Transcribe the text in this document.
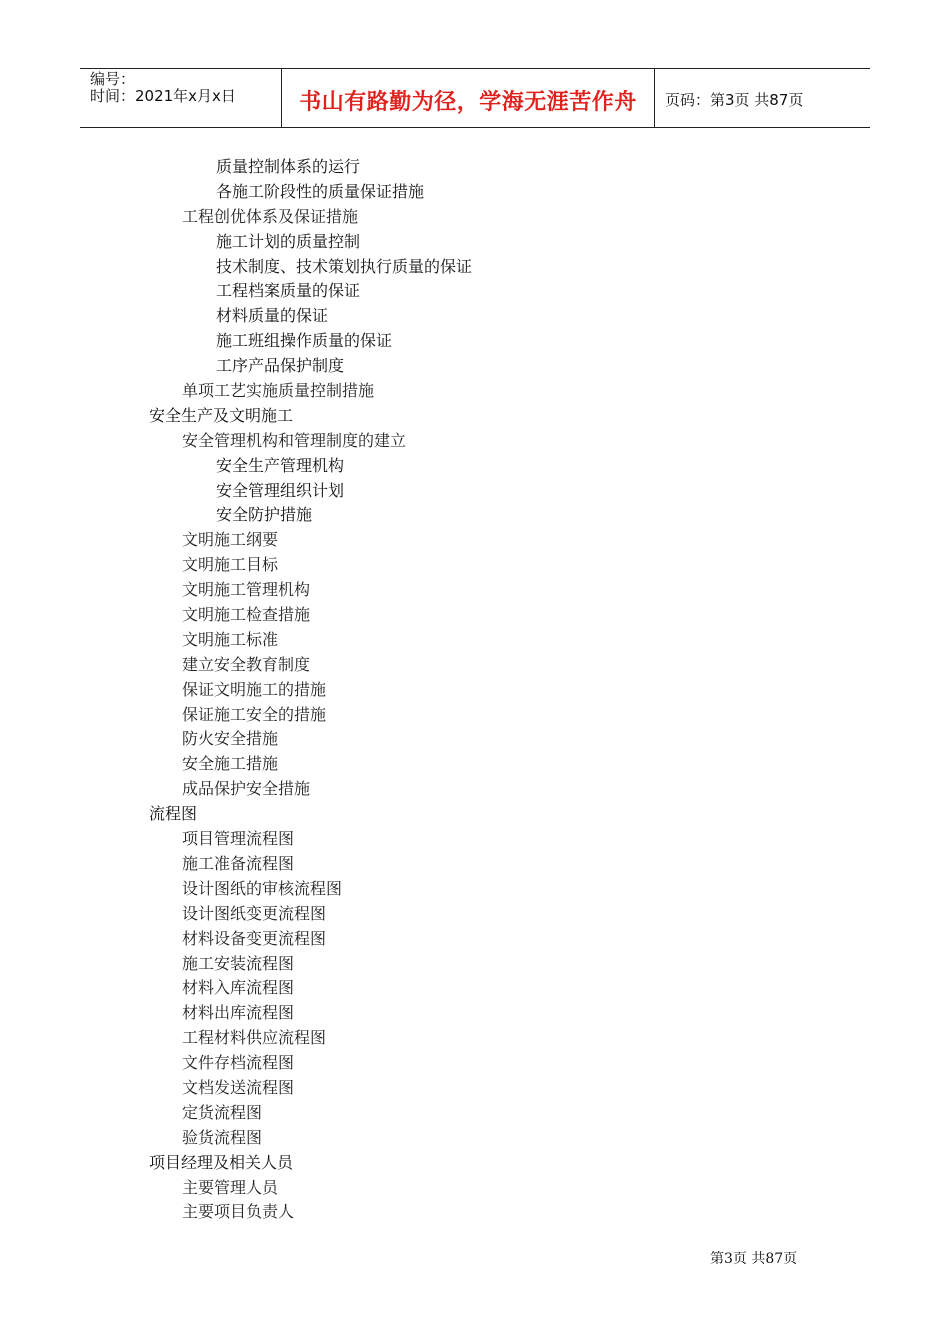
编号：
时间：2021年x月x日	书山有路勤为径，学海无涯苦作舟	页码：第3页 共87页
质量控制体系的运行
各施工阶段性的质量保证措施
工程创优体系及保证措施
施工计划的质量控制
技术制度、技术策划执行质量的保证
工程档案质量的保证
材料质量的保证
施工班组操作质量的保证
工序产品保护制度
单项工艺实施质量控制措施
安全生产及文明施工
安全管理机构和管理制度的建立
安全生产管理机构
安全管理组织计划
安全防护措施
文明施工纲要
文明施工目标
文明施工管理机构
文明施工检查措施
文明施工标准
建立安全教育制度
保证文明施工的措施
保证施工安全的措施
防火安全措施
安全施工措施
成品保护安全措施
流程图
项目管理流程图
施工准备流程图
设计图纸的审核流程图
设计图纸变更流程图
材料设备变更流程图
施工安装流程图
材料入库流程图
材料出库流程图
工程材料供应流程图
文件存档流程图
文档发送流程图
定货流程图
验货流程图
项目经理及相关人员
主要管理人员
主要项目负责人
第3页 共87页
